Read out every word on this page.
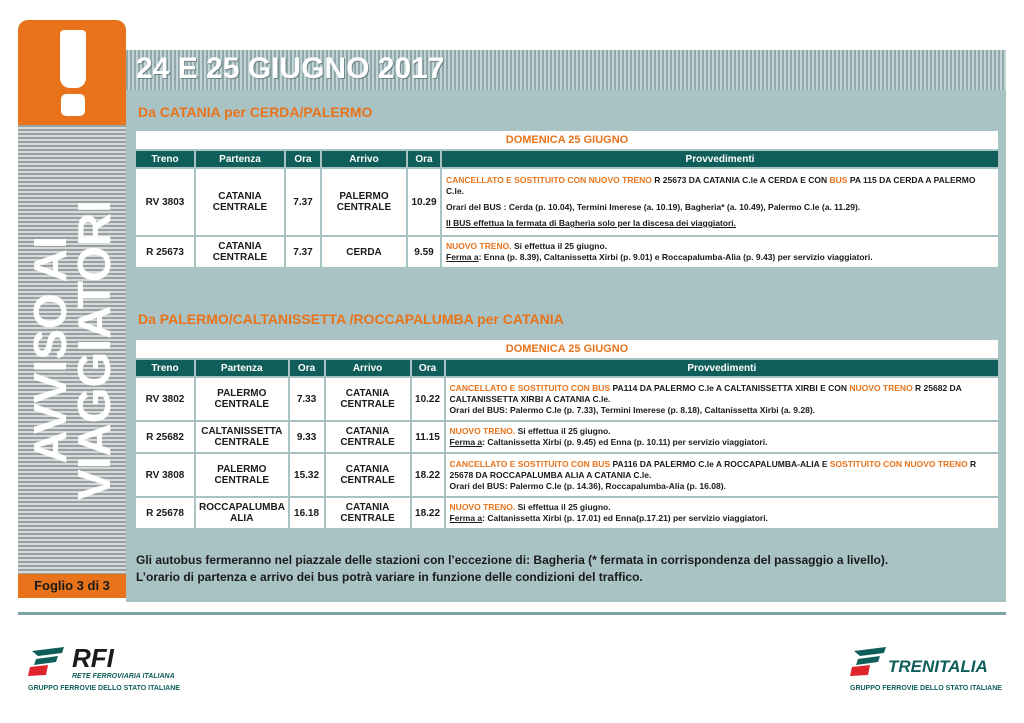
AVVISO AI
VIAGGIATORI
Foglio 3 di 3
24 E 25 GIUGNO 2017
Da CATANIA per CERDA/PALERMO
DOMENICA 25 GIUGNO					
Treno	Partenza	Ora	Arrivo	Ora	Provvedimenti
RV 3803	CATANIA CENTRALE	7.37	PALERMO CENTRALE	10.29	CANCELLATO E SOSTITUITO CON NUOVO TRENO R 25673 DA CATANIA C.le A CERDA E CON BUS PA 115 DA CERDA A PALERMO C.le.
Orari del BUS : Cerda (p. 10.04), Termini Imerese (a. 10.19), Bagheria* (a. 10.49), Palermo C.le (a. 11.29).
Il BUS effettua la fermata di Bagheria solo per la discesa dei viaggiatori.

R 25673	CATANIA CENTRALE	7.37	CERDA	9.59	NUOVO TRENO. Si effettua il 25 giugno.
Ferma a: Enna (p. 8.39), Caltanissetta Xirbi (p. 9.01) e Roccapalumba-Alia (p. 9.43) per servizio viaggiatori.
Da PALERMO/CALTANISSETTA /ROCCAPALUMBA per CATANIA
DOMENICA 25 GIUGNO					
Treno	Partenza	Ora	Arrivo	Ora	Provvedimenti
RV 3802	PALERMO CENTRALE	7.33	CATANIA CENTRALE	10.22	CANCELLATO E SOSTITUITO CON BUS PA114 DA PALERMO C.le A CALTANISSETTA XIRBI E CON NUOVO TRENO R 25682 DA CALTANISSETTA XIRBI A CATANIA C.le.
Orari del BUS: Palermo C.le (p. 7.33), Termini Imerese (p. 8.18), Caltanissetta Xirbi (a. 9.28).

R 25682	CALTANISSETTA CENTRALE	9.33	CATANIA CENTRALE	11.15	NUOVO TRENO. Si effettua il 25 giugno.
Ferma a: Caltanissetta Xirbi (p. 9.45) ed Enna (p. 10.11) per servizio viaggiatori.

RV 3808	PALERMO CENTRALE	15.32	CATANIA CENTRALE	18.22	CANCELLATO E SOSTITUITO CON BUS PA116 DA PALERMO C.le A ROCCAPALUMBA-ALIA E SOSTITUITO CON NUOVO TRENO R 25678 DA ROCCAPALUMBA ALIA A CATANIA C.le.
Orari del BUS: Palermo C.le (p. 14.36), Roccapalumba-Alia (p. 16.08).

R 25678	ROCCAPALUMBA ALIA	16.18	CATANIA CENTRALE	18.22	NUOVO TRENO. Si effettua il 25 giugno.
Ferma a: Caltanissetta Xirbi (p. 17.01) ed Enna(p.17.21) per servizio viaggiatori.
Gli autobus fermeranno nel piazzale delle stazioni con l’eccezione di: Bagheria (* fermata in corrispondenza del passaggio a livello).
L’orario di partenza e arrivo dei bus potrà variare in funzione delle condizioni del traffico.
RFI
RETE FERROVIARIA ITALIANA
GRUPPO FERROVIE DELLO STATO ITALIANE
TRENITALIA
GRUPPO FERROVIE DELLO STATO ITALIANE
